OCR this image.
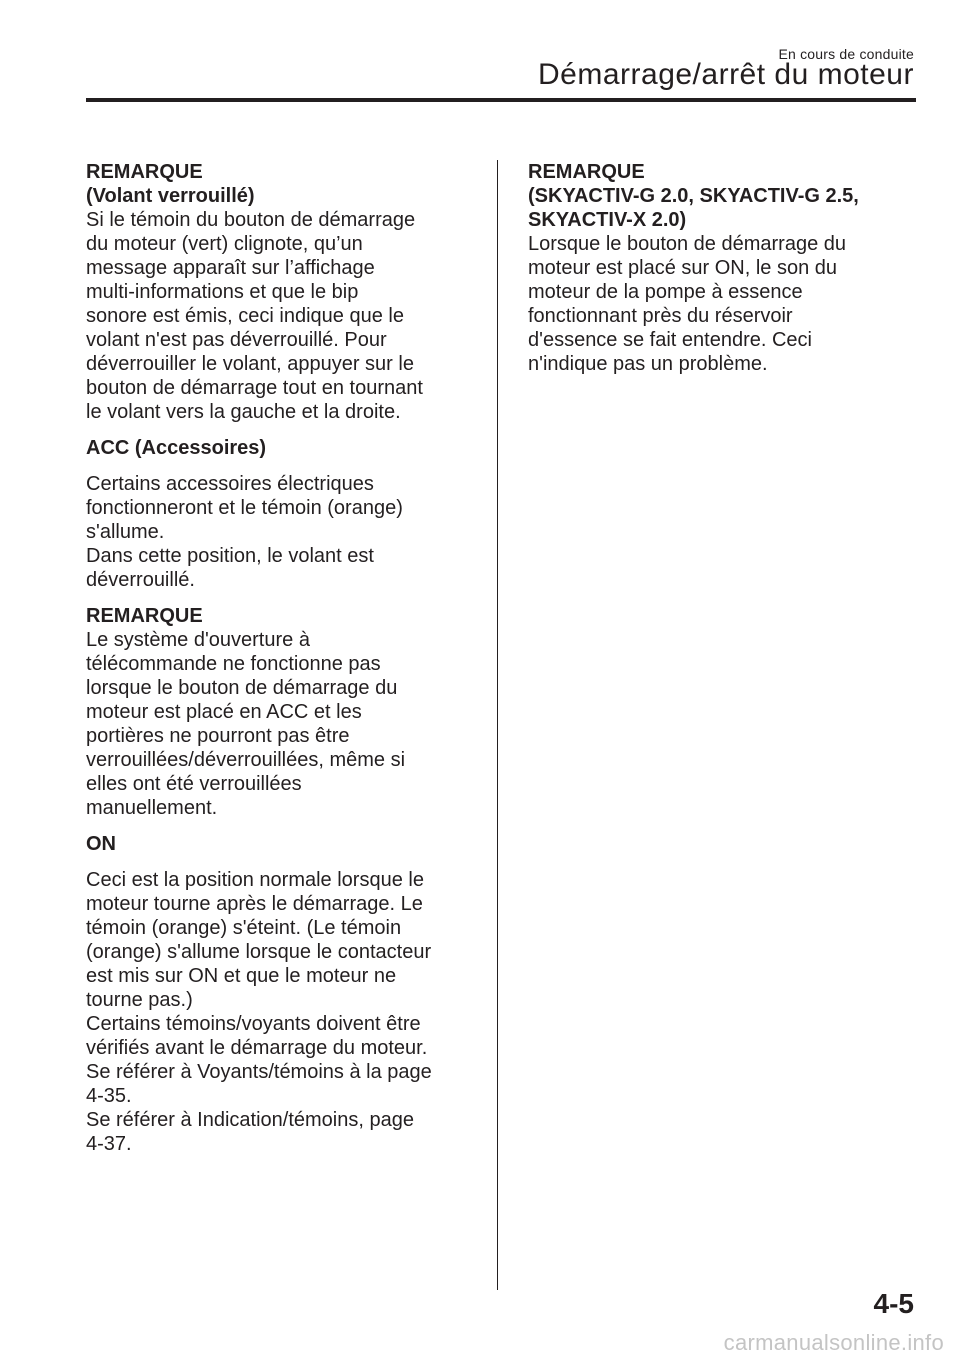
En cours de conduite
Démarrage/arrêt du moteur
REMARQUE
(Volant verrouillé)
Si le témoin du bouton de démarrage
du moteur (vert) clignote, qu’un
message apparaît sur l’affichage
multi-informations et que le bip
sonore est émis, ceci indique que le
volant n'est pas déverrouillé. Pour
déverrouiller le volant, appuyer sur le
bouton de démarrage tout en tournant
le volant vers la gauche et la droite.
ACC (Accessoires)
Certains accessoires électriques
fonctionneront et le témoin (orange)
s'allume.
Dans cette position, le volant est
déverrouillé.
REMARQUE
Le système d'ouverture à
télécommande ne fonctionne pas
lorsque le bouton de démarrage du
moteur est placé en ACC et les
portières ne pourront pas être
verrouillées/déverrouillées, même si
elles ont été verrouillées
manuellement.
ON
Ceci est la position normale lorsque le
moteur tourne après le démarrage. Le
témoin (orange) s'éteint. (Le témoin
(orange) s'allume lorsque le contacteur
est mis sur ON et que le moteur ne
tourne pas.)
Certains témoins/voyants doivent être
vérifiés avant le démarrage du moteur.
Se référer à Voyants/témoins à la page
4-35.
Se référer à Indication/témoins, page
4-37.
REMARQUE
(SKYACTIV-G 2.0, SKYACTIV-G 2.5,
SKYACTIV-X 2.0)
Lorsque le bouton de démarrage du
moteur est placé sur ON, le son du
moteur de la pompe à essence
fonctionnant près du réservoir
d'essence se fait entendre. Ceci
n'indique pas un problème.
4-5
carmanualsonline.info
